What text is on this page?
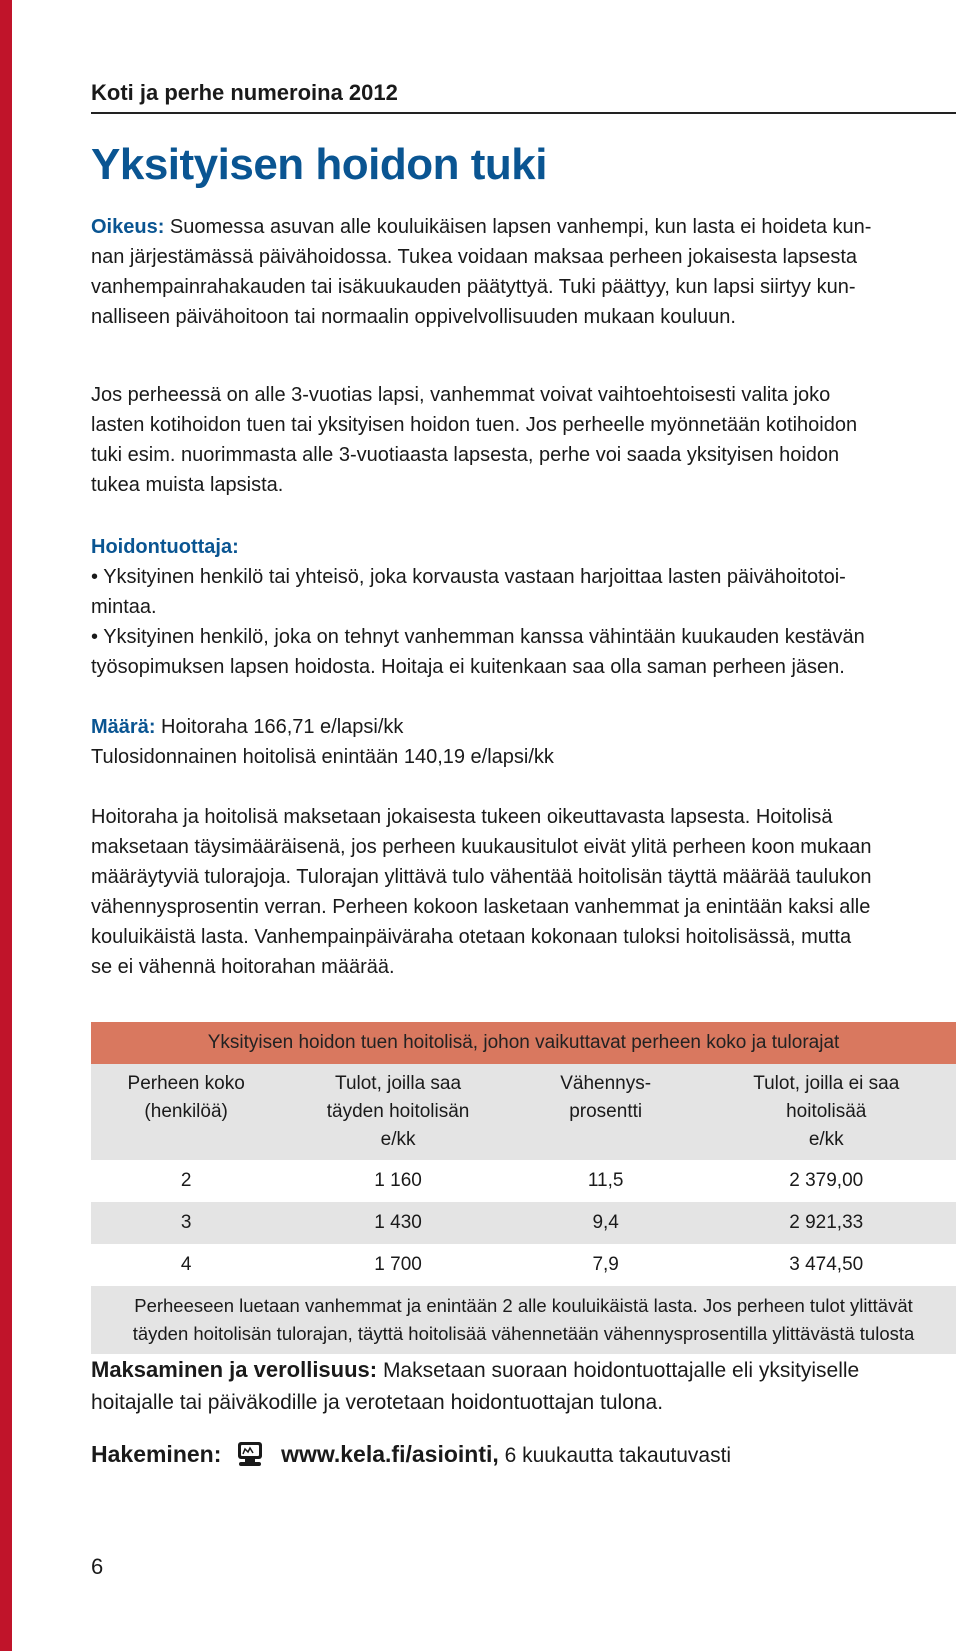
Koti ja perhe numeroina 2012
Yksityisen hoidon tuki

Oikeus: Suomessa asuvan alle kouluikäisen lapsen vanhempi, kun lasta ei hoideta kun-
nan järjestämässä päivähoidossa. Tukea voidaan maksaa perheen jokaisesta lapsesta
vanhempainrahakauden tai isäkuukauden päätyttyä. Tuki päättyy, kun lapsi siirtyy kun-
nalliseen päivähoitoon tai normaalin oppivelvollisuuden mukaan kouluun.

Jos perheessä on alle 3-vuotias lapsi, vanhemmat voivat vaihtoehtoisesti valita joko
lasten kotihoidon tuen tai yksityisen hoidon tuen. Jos perheelle myönnetään kotihoidon
tuki esim. nuorimmasta alle 3-vuotiaasta lapsesta, perhe voi saada yksityisen hoidon
tukea muista lapsista.

Hoidontuottaja:
• Yksityinen henkilö tai yhteisö, joka korvausta vastaan harjoittaa lasten päivähoitotoi-
mintaa.
• Yksityinen henkilö, joka on tehnyt vanhemman kanssa vähintään kuukauden kestävän
työsopimuksen lapsen hoidosta. Hoitaja ei kuitenkaan saa olla saman perheen jäsen.

Määrä: Hoitoraha 166,71 e/lapsi/kk
Tulosidonnainen hoitolisä enintään 140,19 e/lapsi/kk

Hoitoraha ja hoitolisä maksetaan jokaisesta tukeen oikeuttavasta lapsesta. Hoitolisä
maksetaan täysimääräisenä, jos perheen kuukausitulot eivät ylitä perheen koon mukaan
määräytyviä tulorajoja. Tulorajan ylittävä tulo vähentää hoitolisän täyttä määrää taulukon
vähennysprosentin verran. Perheen kokoon lasketaan vanhemmat ja enintään kaksi alle
kouluikäistä lasta. Vanhempainpäiväraha otetaan kokonaan tuloksi hoitolisässä, mutta
se ei vähennä hoitorahan määrää.

Yksityisen hoidon tuen hoitolisä, johon vaikuttavat perheen koko ja tulorajat			
Perheen koko
(henkilöä)	Tulot, joilla saa
täyden hoitolisän
e/kk	Vähennys-
prosentti	Tulot, joilla ei saa
hoitolisää
e/kk
2	1 160	11,5	2 379,00
3	1 430	9,4	2 921,33
4	1 700	7,9	3 474,50
Perheeseen luetaan vanhemmat ja enintään 2 alle kouluikäistä lasta. Jos perheen tulot ylittävät
täyden hoitolisän tulorajan, täyttä hoitolisää vähennetään vähennysprosentilla ylittävästä tulosta			

Maksaminen ja verollisuus: Maksetaan suoraan hoidontuottajalle eli yksityiselle
hoitajalle tai päiväkodille ja verotetaan hoidontuottajan tulona.

Hakeminen:	www.kela.fi/asiointi, 6 kuukautta takautuvasti
6
